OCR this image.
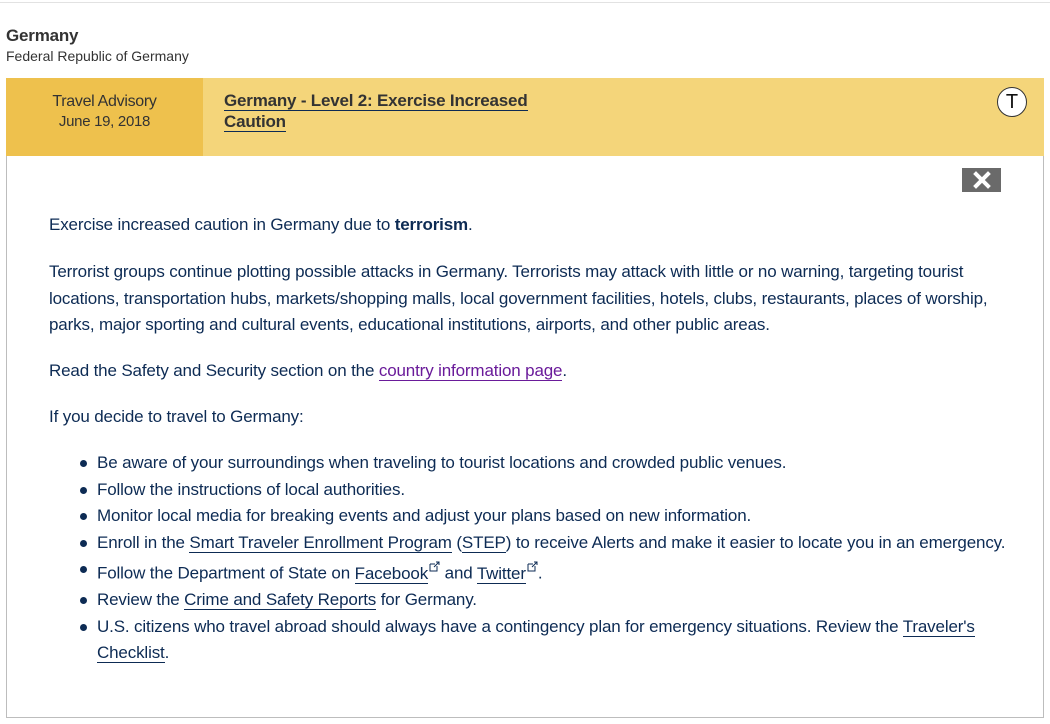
Germany
Federal Republic of Germany
Travel Advisory
June 19, 2018
Germany - Level 2: Exercise Increased
Caution
T

Exercise increased caution in Germany due to terrorism.

Terrorist groups continue plotting possible attacks in Germany. Terrorists may attack with little or no warning, targeting tourist locations, transportation hubs, markets/shopping malls, local government facilities, hotels, clubs, restaurants, places of worship, parks, major sporting and cultural events, educational institutions, airports, and other public areas.

Read the Safety and Security section on the country information page.

If you decide to travel to Germany:

Be aware of your surroundings when traveling to tourist locations and crowded public venues.
Follow the instructions of local authorities.
Monitor local media for breaking events and adjust your plans based on new information.
Enroll in the Smart Traveler Enrollment Program (STEP) to receive Alerts and make it easier to locate you in an emergency.
Follow the Department of State on Facebook and Twitter .
Review the Crime and Safety Reports for Germany.
U.S. citizens who travel abroad should always have a contingency plan for emergency situations. Review the Traveler's Checklist.
